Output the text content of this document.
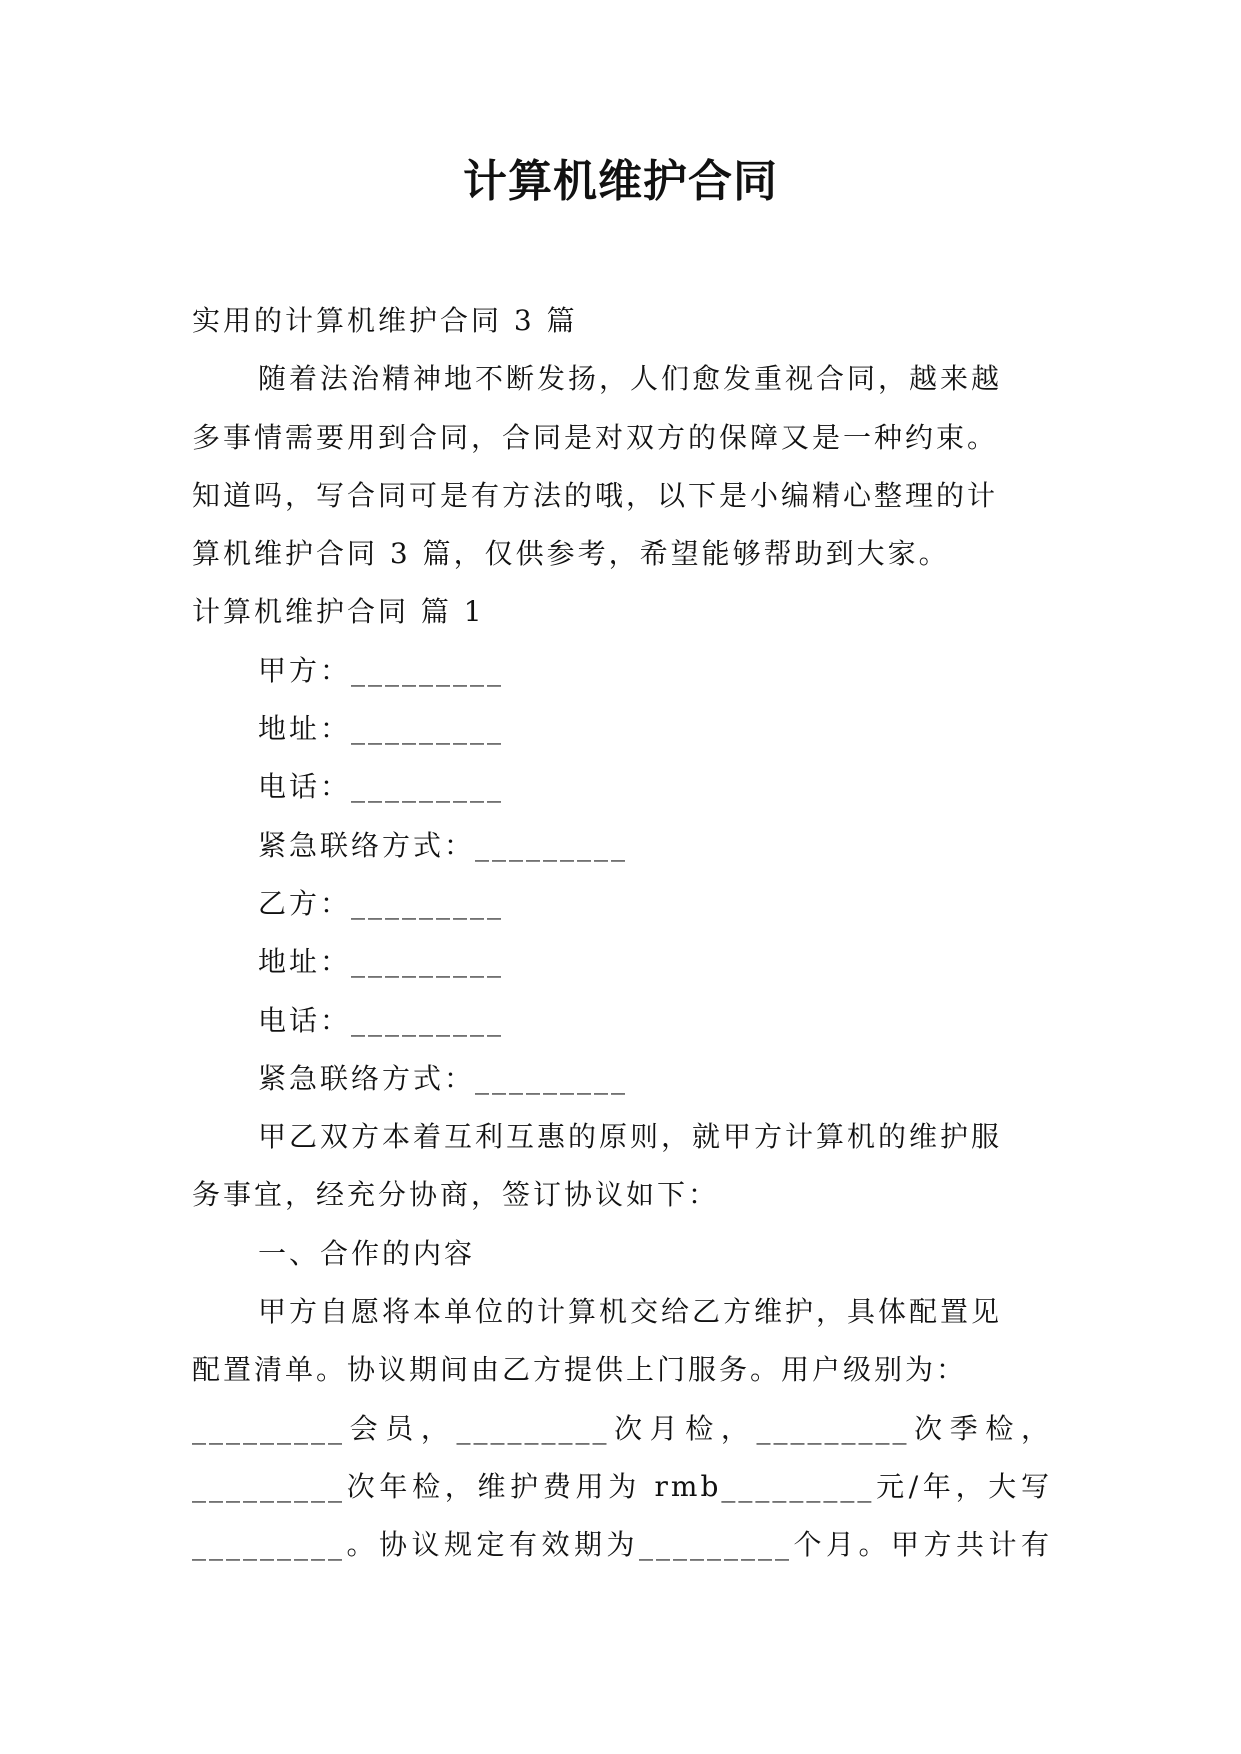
计算机维护合同
实用的计算机维护合同 3 篇
随着法治精神地不断发扬，人们愈发重视合同，越来越
多事情需要用到合同，合同是对双方的保障又是一种约束。
知道吗，写合同可是有方法的哦，以下是小编精心整理的计
算机维护合同 3 篇，仅供参考，希望能够帮助到大家。
计算机维护合同 篇 1
甲方：_________
地址：_________
电话：_________
紧急联络方式：_________
乙方：_________
地址：_________
电话：_________
紧急联络方式：_________
甲乙双方本着互利互惠的原则，就甲方计算机的维护服
务事宜，经充分协商，签订协议如下：
一、合作的内容
甲方自愿将本单位的计算机交给乙方维护，具体配置见
配置清单。协议期间由乙方提供上门服务。用户级别为：
_________会员，_________次月检，_________次季检，
_________次年检，维护费用为 rmb_________元/年，大写
_________。协议规定有效期为_________个月。甲方共计有
